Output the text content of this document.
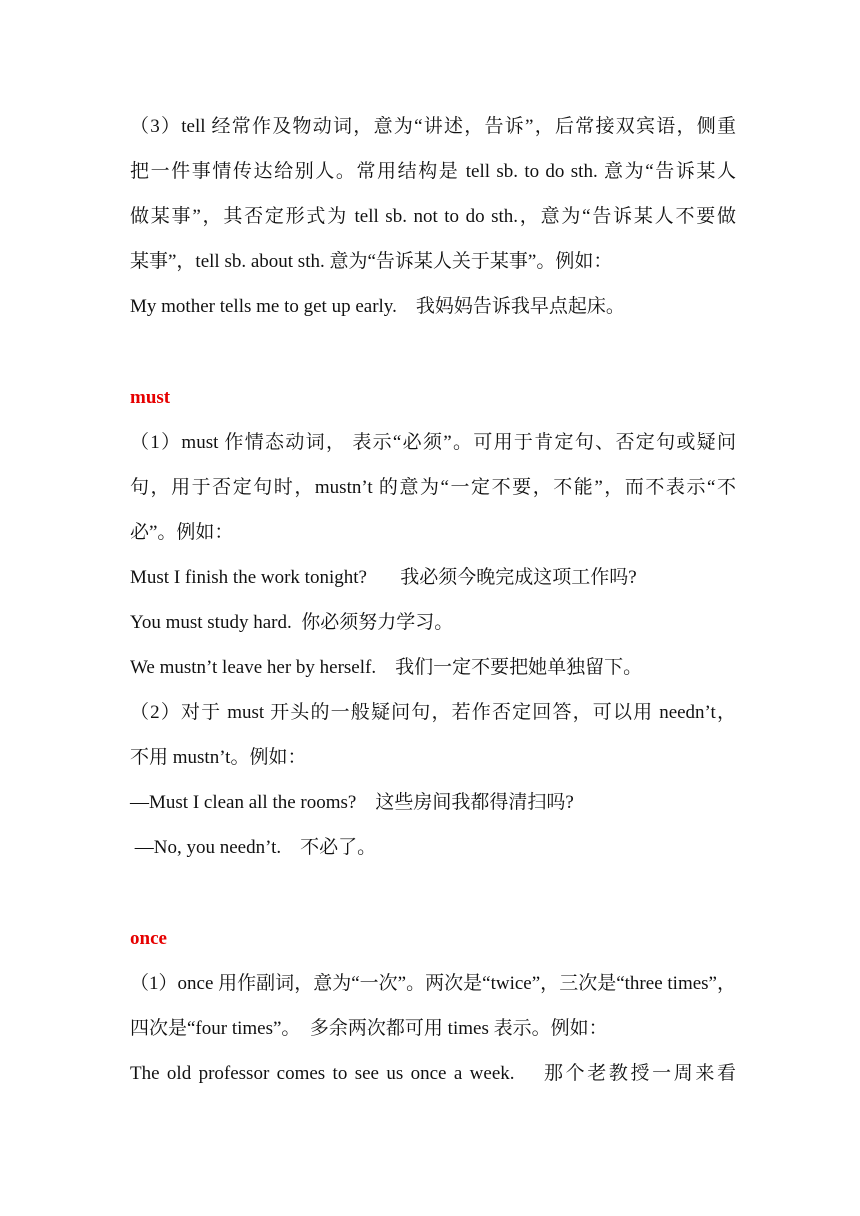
（3）tell 经常作及物动词，意为“讲述，告诉”，后常接双宾语，侧重
把一件事情传达给别人。常用结构是 tell sb. to do sth. 意为“告诉某人
做某事”，其否定形式为 tell sb. not to do sth.，意为“告诉某人不要做
某事”，tell sb. about sth. 意为“告诉某人关于某事”。例如：
My mother tells me to get up early.    我妈妈告诉我早点起床。
must
（1）must 作情态动词， 表示“必须”。可用于肯定句、否定句或疑问
句，用于否定句时，mustn’t 的意为“一定不要，不能”，而不表示“不
必”。例如：
Must I finish the work tonight?       我必须今晚完成这项工作吗?
You must study hard.  你必须努力学习。
We mustn’t leave her by herself.    我们一定不要把她单独留下。
（2）对于 must 开头的一般疑问句，若作否定回答，可以用 needn’t，
不用 mustn’t。例如：
—Must I clean all the rooms?    这些房间我都得清扫吗?
—No, you needn’t.    不必了。
once
（1）once 用作副词，意为“一次”。两次是“twice”，三次是“three times”，
四次是“four times”。  多余两次都可用 times 表示。例如：
The old professor comes to see us once a week.    那个老教授一周来看
